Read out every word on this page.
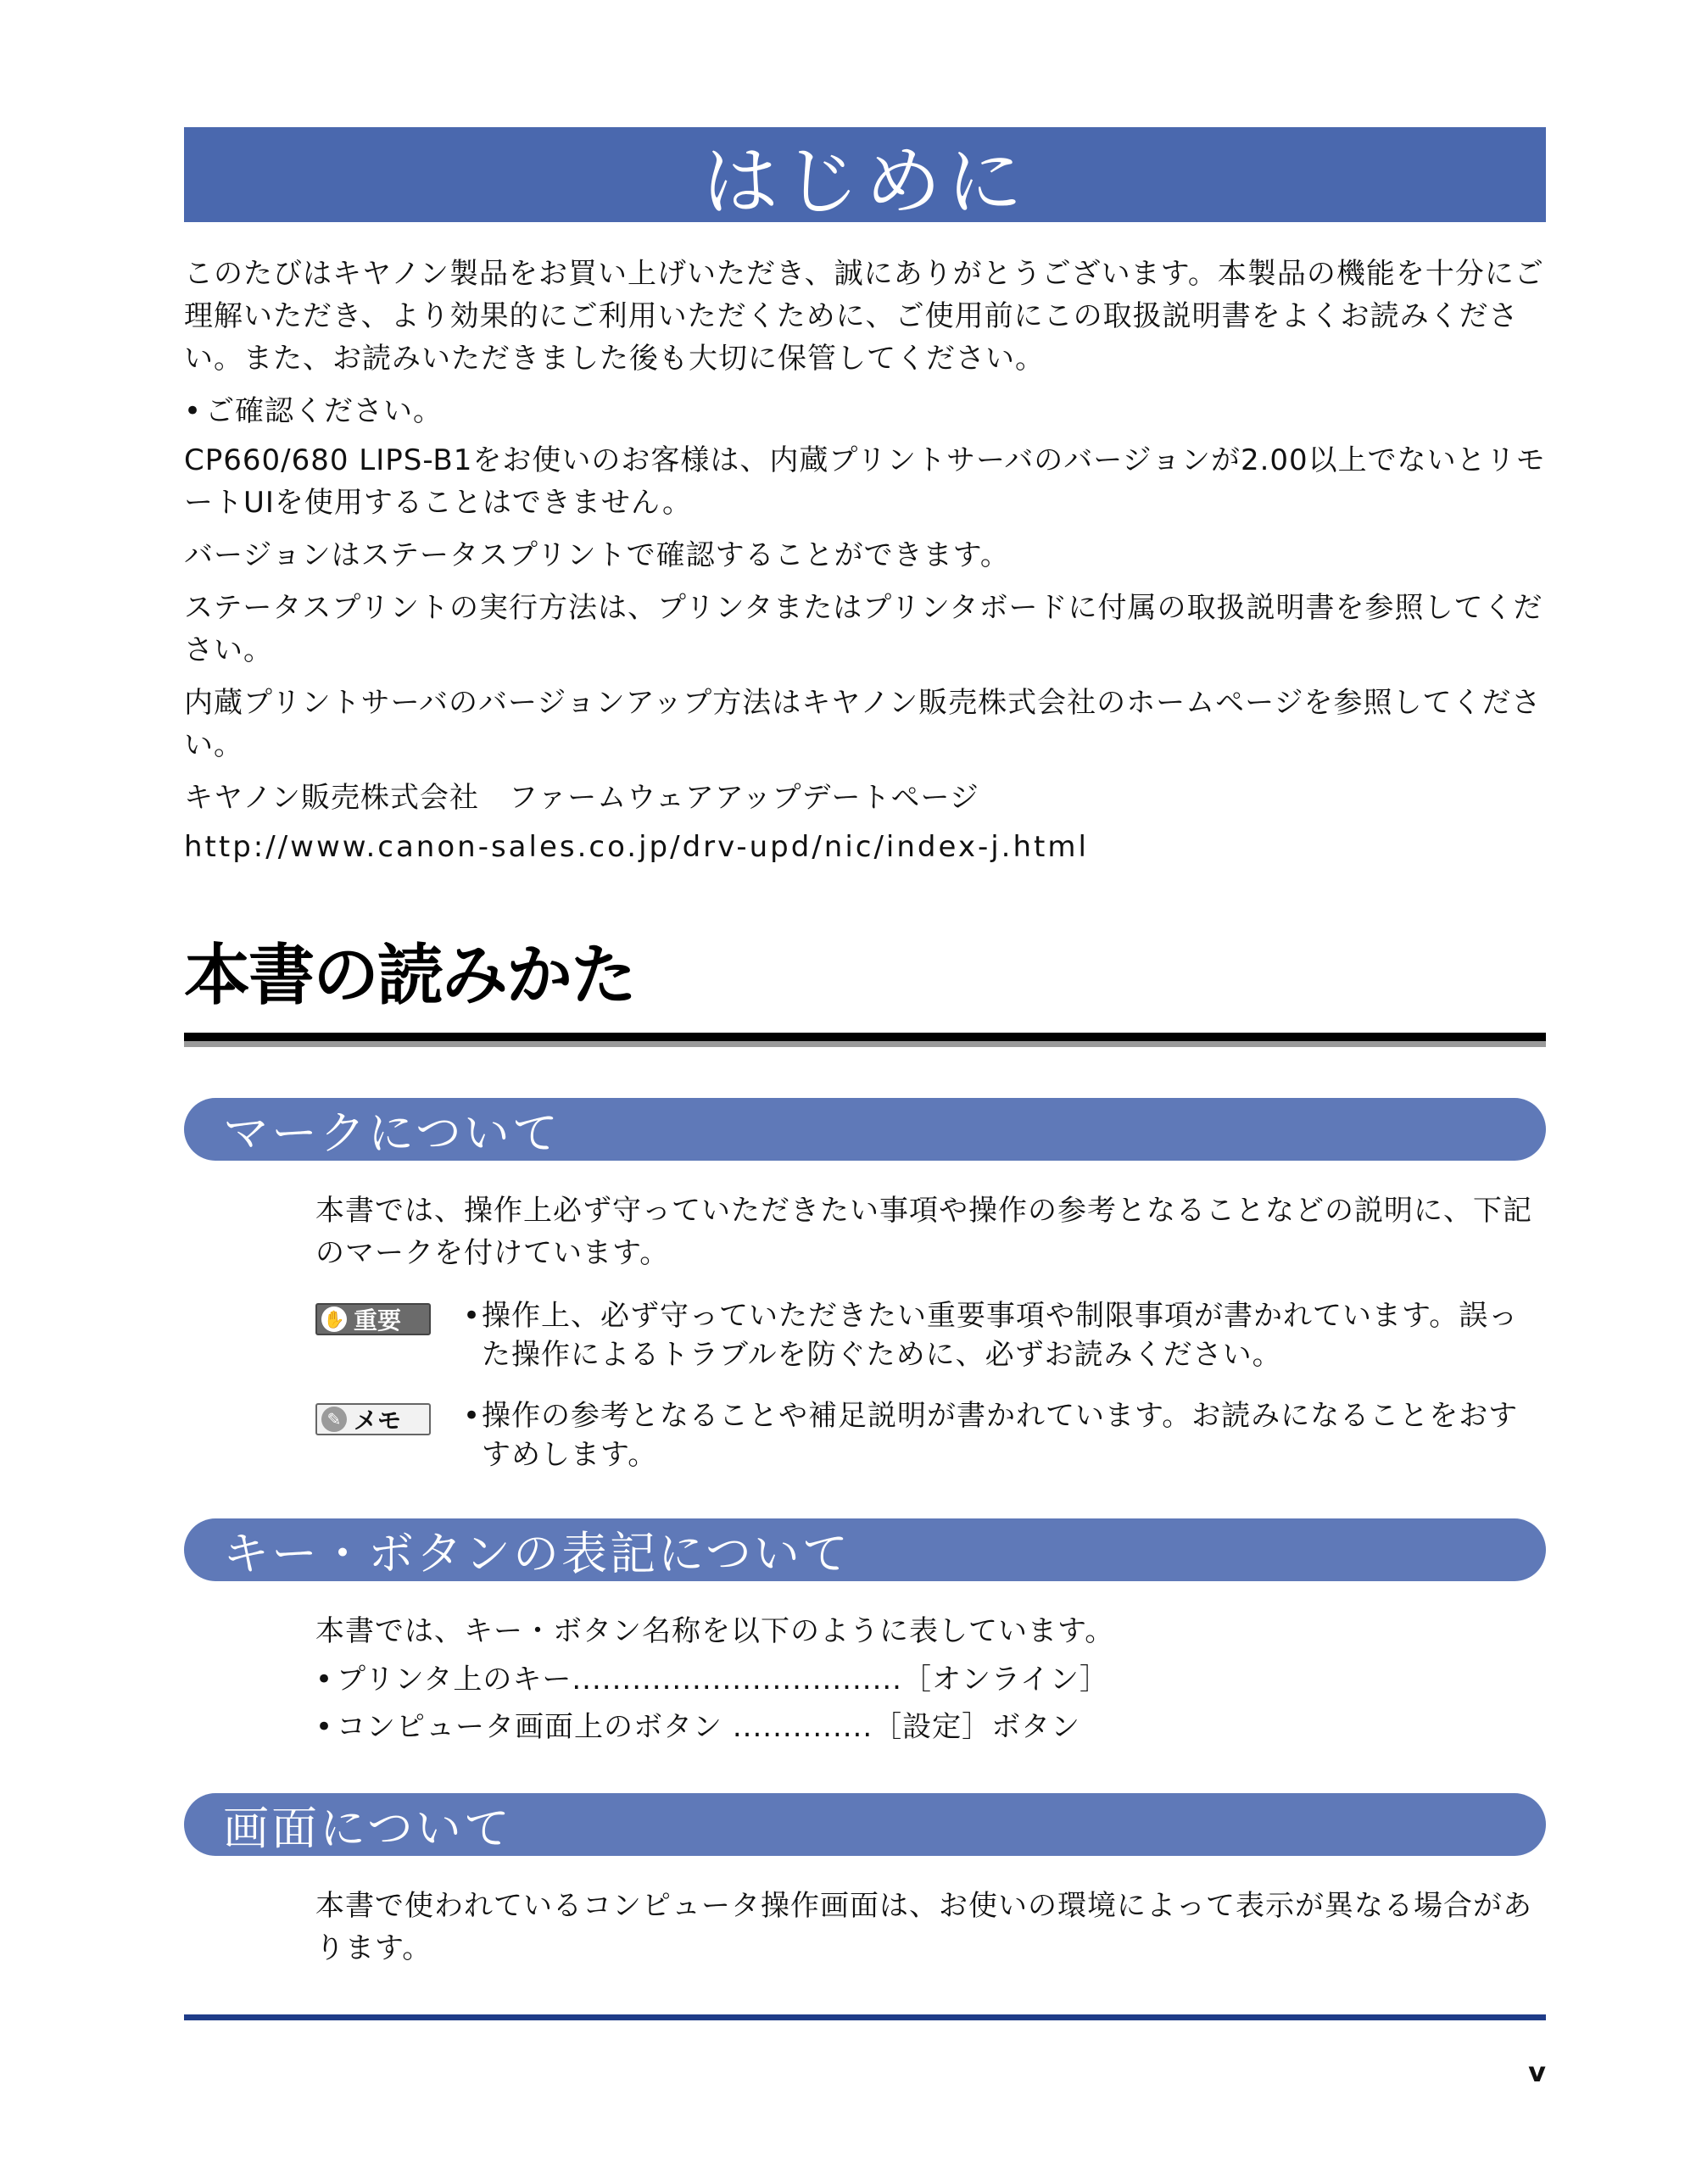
はじめに

このたびはキヤノン製品をお買い上げいただき、誠にありがとうございます。本製品の機能を十分にご理解いただき、より効果的にご利用いただくために、ご使用前にこの取扱説明書をよくお読みください。また、お読みいただきました後も大切に保管してください。

• ご確認ください。

CP660/680 LIPS-B1をお使いのお客様は、内蔵プリントサーバのバージョンが2.00以上でないとリモートUIを使用することはできません。

バージョンはステータスプリントで確認することができます。

ステータスプリントの実行方法は、プリンタまたはプリンタボードに付属の取扱説明書を参照してください。

内蔵プリントサーバのバージョンアップ方法はキヤノン販売株式会社のホームページを参照してください。

キヤノン販売株式会社　ファームウェアアップデートページ

http://www.canon-sales.co.jp/drv-upd/nic/index-j.html

本書の読みかた
マークについて

本書では、操作上必ず守っていただきたい事項や操作の参考となることなどの説明に、下記のマークを付けています。

✋ 重要	• 操作上、必ず守っていただきたい重要事項や制限事項が書かれています。誤った操作によるトラブルを防ぐために、必ずお読みください。
✎ メモ	• 操作の参考となることや補足説明が書かれています。お読みになることをおすすめします。
キー・ボタンの表記について

本書では、キー・ボタン名称を以下のように表しています。

• プリンタ上のキー.................................［オンライン］
• コンピュータ画面上のボタン ..............［設定］ボタン
画面について

本書で使われているコンピュータ操作画面は、お使いの環境によって表示が異なる場合があります。

v
